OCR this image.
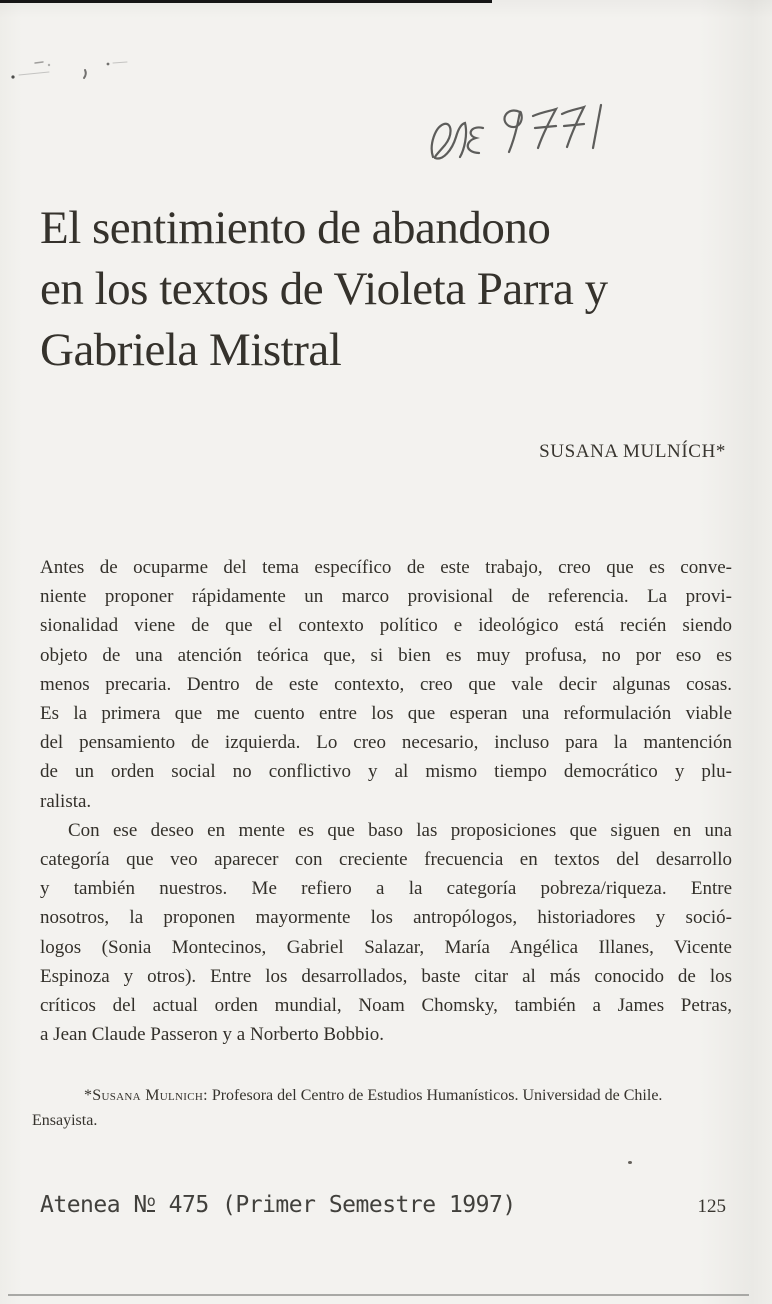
El sentimiento de abandono
en los textos de Violeta Parra y
Gabriela Mistral
SUSANA MULNÍCH*
Antes de ocuparme del tema específico de este trabajo, creo que es conve-
niente proponer rápidamente un marco provisional de referencia. La provi-
sionalidad viene de que el contexto político e ideológico está recién siendo
objeto de una atención teórica que, si bien es muy profusa, no por eso es
menos precaria. Dentro de este contexto, creo que vale decir algunas cosas.
Es la primera que me cuento entre los que esperan una reformulación viable
del pensamiento de izquierda. Lo creo necesario, incluso para la mantención
de un orden social no conflictivo y al mismo tiempo democrático y plu-
ralista.
Con ese deseo en mente es que baso las proposiciones que siguen en una
categoría que veo aparecer con creciente frecuencia en textos del desarrollo
y también nuestros. Me refiero a la categoría pobreza/riqueza. Entre
nosotros, la proponen mayormente los antropólogos, historiadores y soció-
logos (Sonia Montecinos, Gabriel Salazar, María Angélica Illanes, Vicente
Espinoza y otros). Entre los desarrollados, baste citar al más conocido de los
críticos del actual orden mundial, Noam Chomsky, también a James Petras,
a Jean Claude Passeron y a Norberto Bobbio.
*Susana Mulnich: Profesora del Centro de Estudios Humanísticos. Universidad de Chile.
Ensayista.
Atenea $N^o$ 475 (Primer Semestre 1997)	125
